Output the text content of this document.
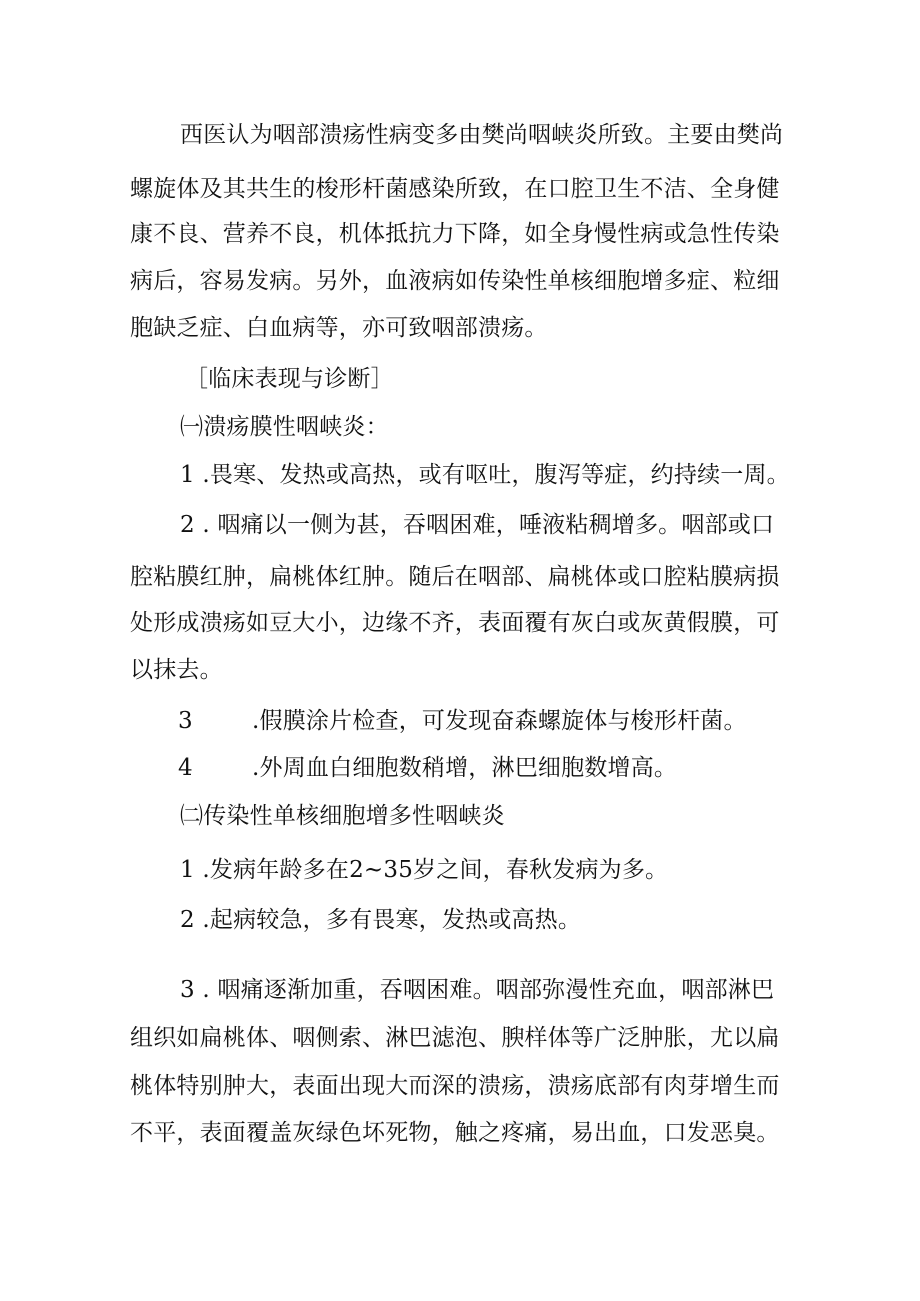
西医认为咽部溃疡性病变多由樊尚咽峡炎所致。主要由樊尚
螺旋体及其共生的梭形杆菌感染所致，在口腔卫生不洁、全身健
康不良、营养不良，机体抵抗力下降，如全身慢性病或急性传染
病后，容易发病。另外，血液病如传染性单核细胞增多症、粒细
胞缺乏症、白血病等，亦可致咽部溃疡。
［临床表现与诊断］
㈠溃疡膜性咽峡炎：
1 .畏寒、发热或高热，或有呕吐，腹泻等症，约持续一周。
2 . 咽痛以一侧为甚，吞咽困难，唾液粘稠增多。咽部或口
腔粘膜红肿，扁桃体红肿。随后在咽部、扁桃体或口腔粘膜病损
处形成溃疡如豆大小，边缘不齐，表面覆有灰白或灰黄假膜，可
以抹去。
3	.假膜涂片检查，可发现奋森螺旋体与梭形杆菌。
4	.外周血白细胞数稍增，淋巴细胞数增高。
㈡传染性单核细胞增多性咽峡炎
1 .发病年龄多在2~35岁之间，春秋发病为多。
2 .起病较急，多有畏寒，发热或高热。
3 . 咽痛逐渐加重，吞咽困难。咽部弥漫性充血，咽部淋巴
组织如扁桃体、咽侧索、淋巴滤泡、腴样体等广泛肿胀，尤以扁
桃体特别肿大，表面出现大而深的溃疡，溃疡底部有肉芽增生而
不平，表面覆盖灰绿色坏死物，触之疼痛，易出血，口发恶臭。
